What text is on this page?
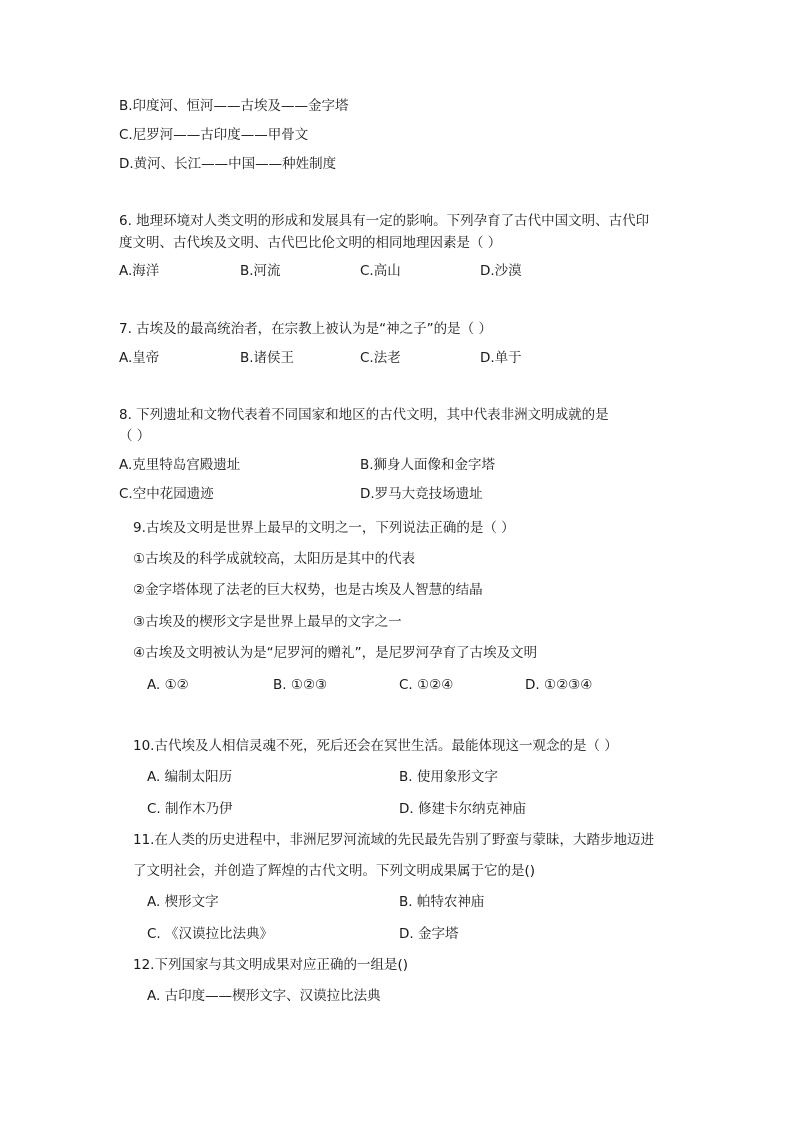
B.印度河、恒河——古埃及——金字塔
C.尼罗河——古印度——甲骨文
D.黄河、长江——中国——种姓制度
6. 地理环境对人类文明的形成和发展具有一定的影响。下列孕育了古代中国文明、古代印
度文明、古代埃及文明、古代巴比伦文明的相同地理因素是（ ）
A.海洋	B.河流	C.高山	D.沙漠
7. 古埃及的最高统治者，在宗教上被认为是“神之子”的是（ ）
A.皇帝	B.诸侯王	C.法老	D.单于
8. 下列遗址和文物代表着不同国家和地区的古代文明，其中代表非洲文明成就的是
（ ）
A.克里特岛宫殿遗址	B.狮身人面像和金字塔
C.空中花园遗迹	D.罗马大竞技场遗址
9.古埃及文明是世界上最早的文明之一，下列说法正确的是（ ）
①古埃及的科学成就较高，太阳历是其中的代表
②金字塔体现了法老的巨大权势，也是古埃及人智慧的结晶
③古埃及的楔形文字是世界上最早的文字之一
④古埃及文明被认为是“尼罗河的赠礼”，是尼罗河孕育了古埃及文明
A. ①②	B. ①②③	C. ①②④	D. ①②③④
10.古代埃及人相信灵魂不死，死后还会在冥世生活。最能体现这一观念的是（ ）
A. 编制太阳历	B. 使用象形文字
C. 制作木乃伊	D. 修建卡尔纳克神庙
11.在人类的历史进程中，非洲尼罗河流域的先民最先告别了野蛮与蒙昧，大踏步地迈进
了文明社会，并创造了辉煌的古代文明。下列文明成果属于它的是()
A. 楔形文字	B. 帕特农神庙
C. 《汉谟拉比法典》	D. 金字塔
12.下列国家与其文明成果对应正确的一组是()
A. 古印度——楔形文字、汉谟拉比法典
